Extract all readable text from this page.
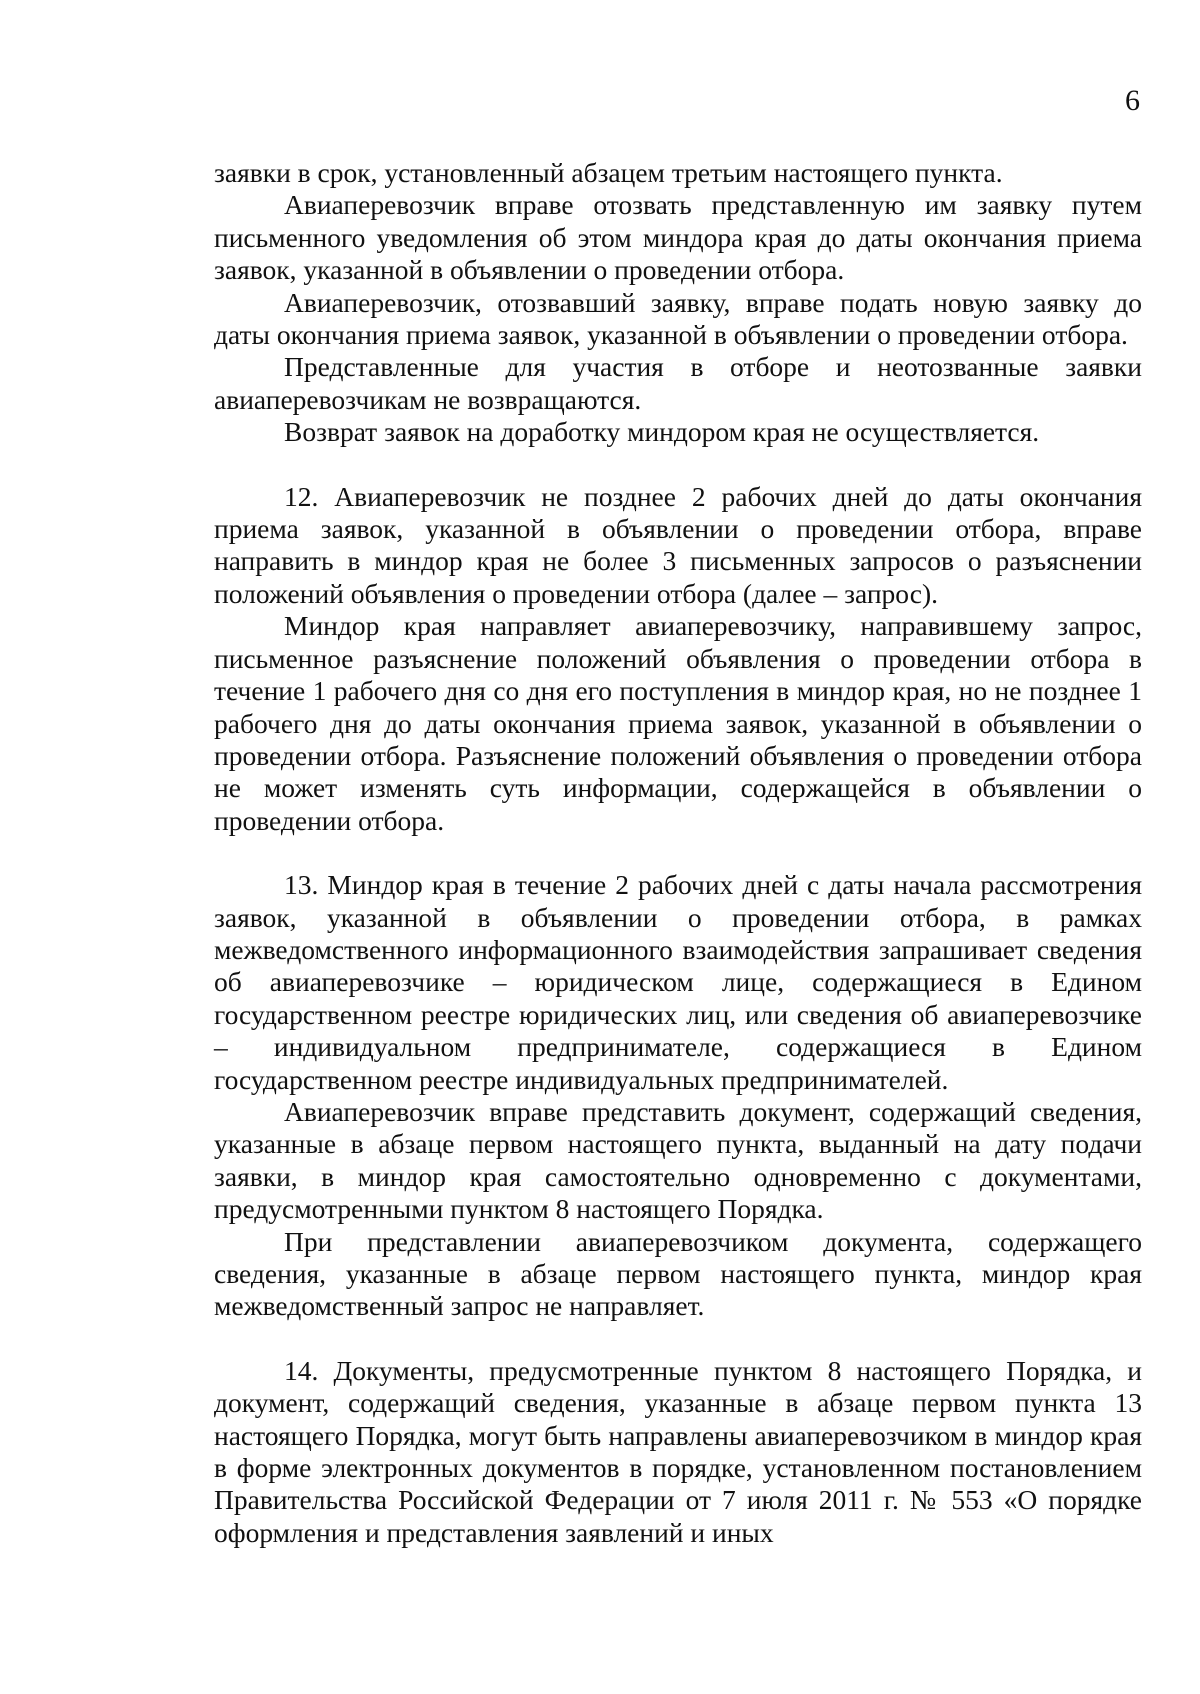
6

заявки в срок, установленный абзацем третьим настоящего пункта.

Авиаперевозчик вправе отозвать представленную им заявку путем письменного уведомления об этом миндора края до даты окончания приема заявок, указанной в объявлении о проведении отбора.

Авиаперевозчик, отозвавший заявку, вправе подать новую заявку до даты окончания приема заявок, указанной в объявлении о проведении отбора.

Представленные для участия в отборе и неотозванные заявки авиаперевозчикам не возвращаются.

Возврат заявок на доработку миндором края не осуществляется.

12. Авиаперевозчик не позднее 2 рабочих дней до даты окончания приема заявок, указанной в объявлении о проведении отбора, вправе направить в миндор края не более 3 письменных запросов о разъяснении положений объявления о проведении отбора (далее – запрос).

Миндор края направляет авиаперевозчику, направившему запрос, письменное разъяснение положений объявления о проведении отбора в течение 1 рабочего дня со дня его поступления в миндор края, но не позднее 1 рабочего дня до даты окончания приема заявок, указанной в объявлении о проведении отбора. Разъяснение положений объявления о проведении отбора не может изменять суть информации, содержащейся в объявлении о проведении отбора.

13. Миндор края в течение 2 рабочих дней с даты начала рассмотрения заявок, указанной в объявлении о проведении отбора, в рамках межведомственного информационного взаимодействия запрашивает сведения об авиаперевозчике – юридическом лице, содержащиеся в Едином государственном реестре юридических лиц, или сведения об авиаперевозчике – индивидуальном предпринимателе, содержащиеся в Едином государственном реестре индивидуальных предпринимателей.

Авиаперевозчик вправе представить документ, содержащий сведения, указанные в абзаце первом настоящего пункта, выданный на дату подачи заявки, в миндор края самостоятельно одновременно с документами, предусмотренными пунктом 8 настоящего Порядка.

При представлении авиаперевозчиком документа, содержащего сведения, указанные в абзаце первом настоящего пункта, миндор края межведомственный запрос не направляет.

14. Документы, предусмотренные пунктом 8 настоящего Порядка, и документ, содержащий сведения, указанные в абзаце первом пункта 13 настоящего Порядка, могут быть направлены авиаперевозчиком в миндор края в форме электронных документов в порядке, установленном постановлением Правительства Российской Федерации от 7 июля 2011 г. № 553 «О порядке оформления и представления заявлений и иных
